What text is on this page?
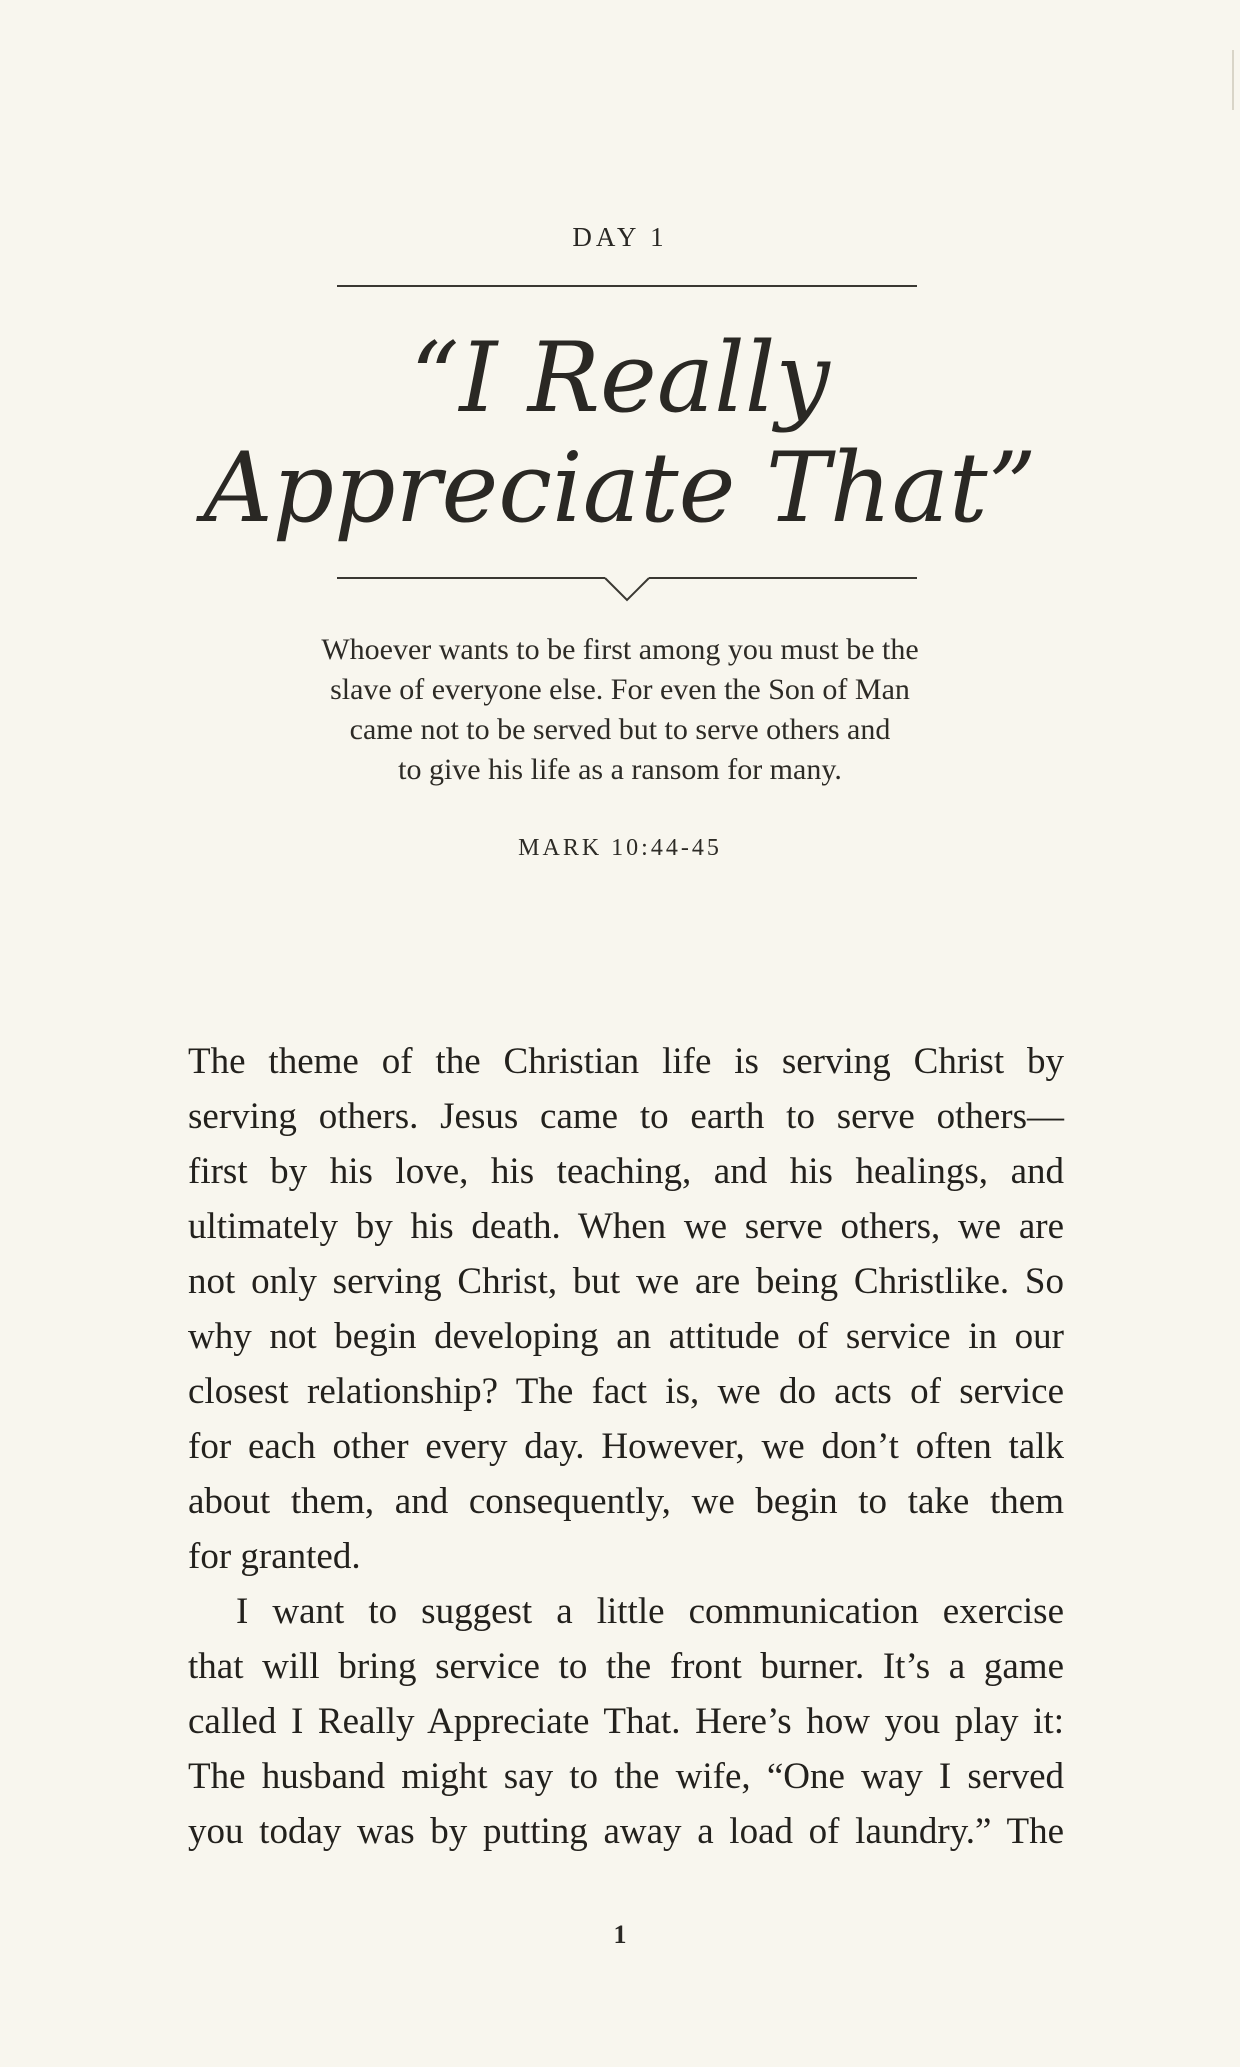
DAY 1
“I Really
Appreciate That”
Whoever wants to be first among you must be the
slave of everyone else. For even the Son of Man
came not to be served but to serve others and
to give his life as a ransom for many.
MARK 10:44-45
The theme of the Christian life is serving Christ by
serving others. Jesus came to earth to serve others—
first by his love, his teaching, and his healings, and
ultimately by his death. When we serve others, we are
not only serving Christ, but we are being Christlike. So
why not begin developing an attitude of service in our
closest relationship? The fact is, we do acts of service
for each other every day. However, we don’t often talk
about them, and consequently, we begin to take them
for granted.
I want to suggest a little communication exercise
that will bring service to the front burner. It’s a game
called I Really Appreciate That. Here’s how you play it:
The husband might say to the wife, “One way I served
you today was by putting away a load of laundry.” The
1
